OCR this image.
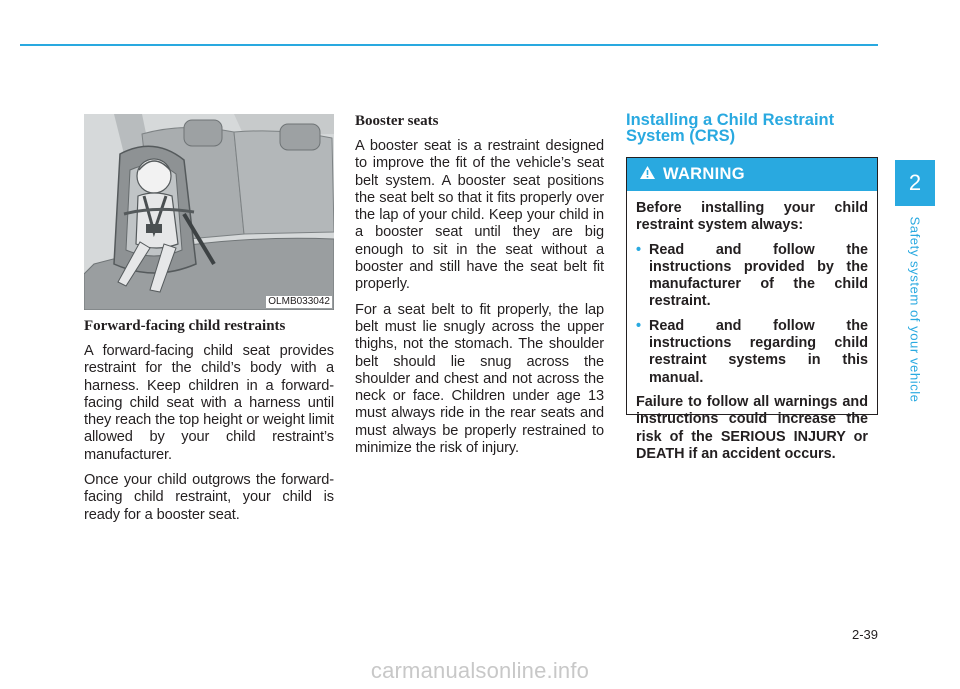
OLMB033042
Forward-facing child restraints

A forward-facing child seat provides restraint for the child’s body with a harness. Keep children in a forward-facing child seat with a harness until they reach the top height or weight limit allowed by your child restraint’s manufacturer.

Once your child outgrows the forward-facing child restraint, your child is ready for a booster seat.

Booster seats

A booster seat is a restraint designed to improve the fit of the vehicle’s seat belt system. A booster seat positions the seat belt so that it fits properly over the lap of your child. Keep your child in a booster seat until they are big enough to sit in the seat without a booster and still have the seat belt fit properly.

For a seat belt to fit properly, the lap belt must lie snugly across the upper thighs, not the stomach. The shoulder belt should lie snug across the shoulder and chest and not across the neck or face. Children under age 13 must always ride in the rear seats and must always be properly restrained to minimize the risk of injury.

Installing a Child Restraint System (CRS)
WARNING

Before installing your child restraint system always:

• Read and follow the instructions provided by the manufacturer of the child restraint.
• Read and follow the instructions regarding child restraint systems in this manual.

Failure to follow all warnings and instructions could increase the risk of the SERIOUS INJURY or DEATH if an accident occurs.

2
Safety system of your vehicle
2-39
carmanualsonline.info
